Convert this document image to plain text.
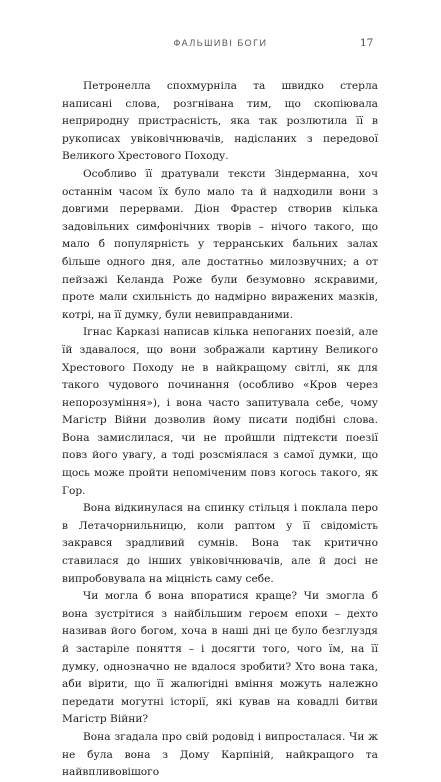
ФАЛЬШИВІ БОГИ	17

Петронелла спохмурніла та швидко стерла написані слова, розгнівана тим, що скопіювала неприродну пристрасність, яка так розлютила її в рукописах увіковічнювачів, надісланих з передової Великого Хрестового Походу.

Особливо її дратували тексти Зіндерманна, хоч останнім часом їх було мало та й надходили вони з довгими перервами. Діон Фрастер створив кілька задовільних симфонічних творів – нічого такого, що мало б популярність у терранських бальних залах більше одного дня, але достатньо милозвучних; а от пейзажі Келанда Роже були безумовно яскравими, проте мали схильність до надмірно виражених мазків, котрі, на її думку, були невиправданими.

Ігнас Карказі написав кілька непоганих поезій, але їй здавалося, що вони зображали картину Великого Хрестового Походу не в найкращому світлі, як для такого чудового починання (особливо «Кров через непорозуміння»), і вона часто запитувала себе, чому Магістр Війни дозволив йому писати подібні слова. Вона замислилася, чи не пройшли підтексти поезії повз його увагу, а тоді розсміялася з самої думки, що щось може пройти непоміченим повз когось такого, як Гор.

Вона відкинулася на спинку стільця і поклала перо в Летачорнильницю, коли раптом у її свідомість закрався зрадливий сумнів. Вона так критично ставилася до інших увіковічнювачів, але й досі не випробовувала на міцність саму себе.

Чи могла б вона впоратися краще? Чи змогла б вона зустрітися з найбільшим героєм епохи – дехто називав його богом, хоча в наші дні це було безглуздя й застаріле поняття – і досягти того, чого їм, на її думку, однозначно не вдалося зробити? Хто вона така, аби вірити, що її жалюгідні вміння можуть належно передати могутні історії, які кував на ковадлі битви Магістр Війни?

Вона згадала про свій родовід і випросталася. Чи ж не була вона з Дому Карпіній, найкращого та найвпливовішого
